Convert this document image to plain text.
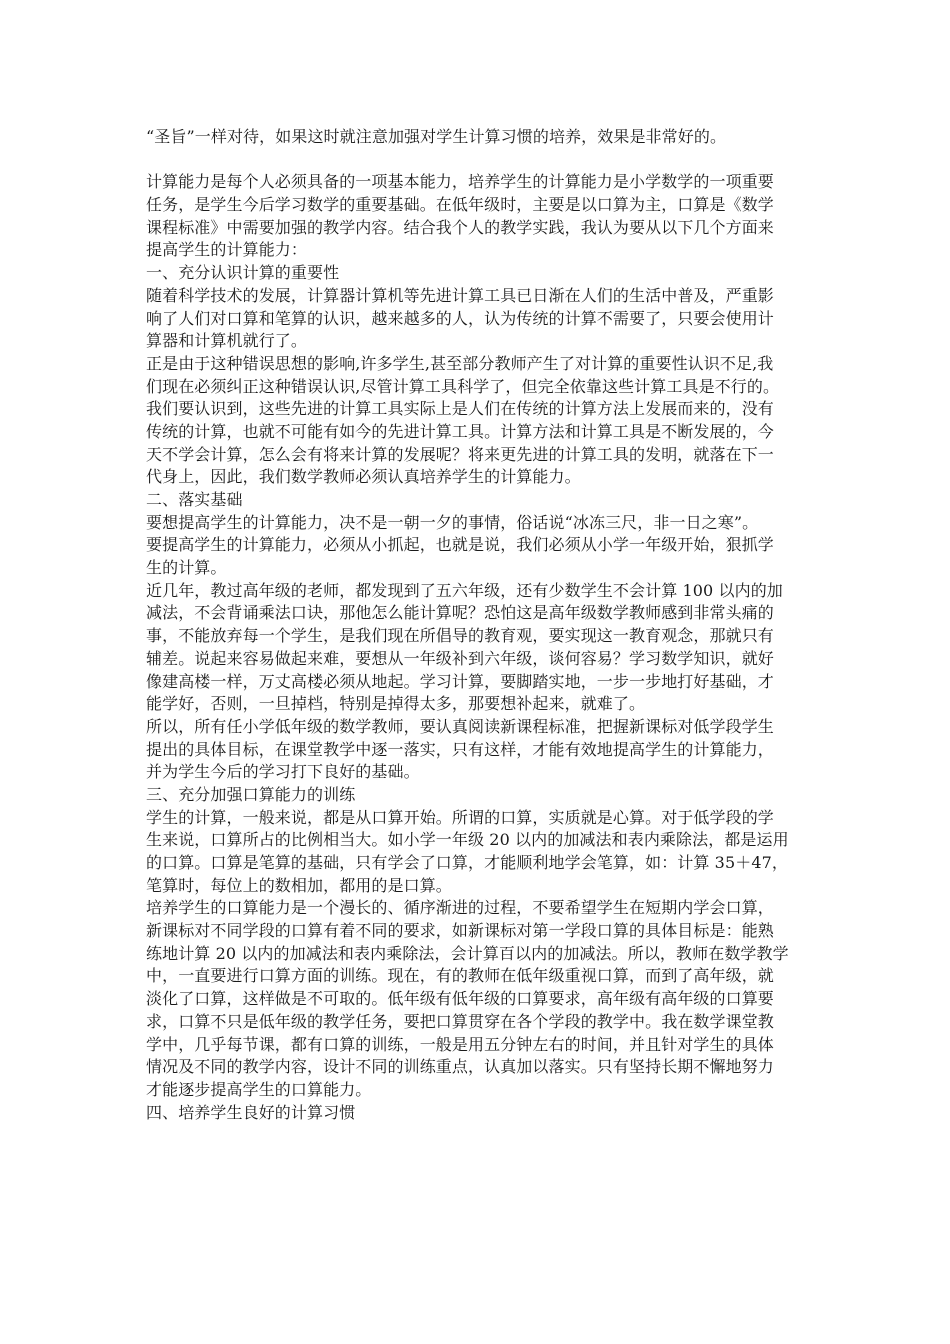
“圣旨”一样对待，如果这时就注意加强对学生计算习惯的培养，效果是非常好的。

计算能力是每个人必须具备的一项基本能力，培养学生的计算能力是小学数学的一项重要

任务，是学生今后学习数学的重要基础。在低年级时，主要是以口算为主，口算是《数学

课程标准》中需要加强的教学内容。结合我个人的教学实践，我认为要从以下几个方面来

提高学生的计算能力：

一、充分认识计算的重要性

随着科学技术的发展，计算器计算机等先进计算工具已日渐在人们的生活中普及，严重影

响了人们对口算和笔算的认识，越来越多的人，认为传统的计算不需要了，只要会使用计

算器和计算机就行了。

正是由于这种错误思想的影响,许多学生,甚至部分教师产生了对计算的重要性认识不足,我

们现在必须纠正这种错误认识,尽管计算工具科学了，但完全依靠这些计算工具是不行的。

我们要认识到，这些先进的计算工具实际上是人们在传统的计算方法上发展而来的，没有

传统的计算，也就不可能有如今的先进计算工具。计算方法和计算工具是不断发展的，今

天不学会计算，怎么会有将来计算的发展呢？将来更先进的计算工具的发明，就落在下一

代身上，因此，我们数学教师必须认真培养学生的计算能力。

二、落实基础

要想提高学生的计算能力，决不是一朝一夕的事情，俗话说“冰冻三尺，非一日之寒”。

要提高学生的计算能力，必须从小抓起，也就是说，我们必须从小学一年级开始，狠抓学

生的计算。

近几年，教过高年级的老师，都发现到了五六年级，还有少数学生不会计算 100 以内的加

减法，不会背诵乘法口诀，那他怎么能计算呢？恐怕这是高年级数学教师感到非常头痛的

事，不能放弃每一个学生，是我们现在所倡导的教育观，要实现这一教育观念，那就只有

辅差。说起来容易做起来难，要想从一年级补到六年级，谈何容易？学习数学知识，就好

像建高楼一样，万丈高楼必须从地起。学习计算，要脚踏实地，一步一步地打好基础，才

能学好，否则，一旦掉档，特别是掉得太多，那要想补起来，就难了。

所以，所有任小学低年级的数学教师，要认真阅读新课程标准，把握新课标对低学段学生

提出的具体目标，在课堂教学中逐一落实，只有这样，才能有效地提高学生的计算能力，

并为学生今后的学习打下良好的基础。

三、充分加强口算能力的训练

学生的计算，一般来说，都是从口算开始。所谓的口算，实质就是心算。对于低学段的学

生来说，口算所占的比例相当大。如小学一年级 20 以内的加减法和表内乘除法，都是运用

的口算。口算是笔算的基础，只有学会了口算，才能顺利地学会笔算，如：计算 35＋47，

笔算时，每位上的数相加，都用的是口算。

培养学生的口算能力是一个漫长的、循序渐进的过程，不要希望学生在短期内学会口算，

新课标对不同学段的口算有着不同的要求，如新课标对第一学段口算的具体目标是：能熟

练地计算 20 以内的加减法和表内乘除法，会计算百以内的加减法。所以，教师在数学教学

中，一直要进行口算方面的训练。现在，有的教师在低年级重视口算，而到了高年级，就

淡化了口算，这样做是不可取的。低年级有低年级的口算要求，高年级有高年级的口算要

求，口算不只是低年级的教学任务，要把口算贯穿在各个学段的教学中。我在数学课堂教

学中，几乎每节课，都有口算的训练，一般是用五分钟左右的时间，并且针对学生的具体

情况及不同的教学内容，设计不同的训练重点，认真加以落实。只有坚持长期不懈地努力

才能逐步提高学生的口算能力。

四、培养学生良好的计算习惯
